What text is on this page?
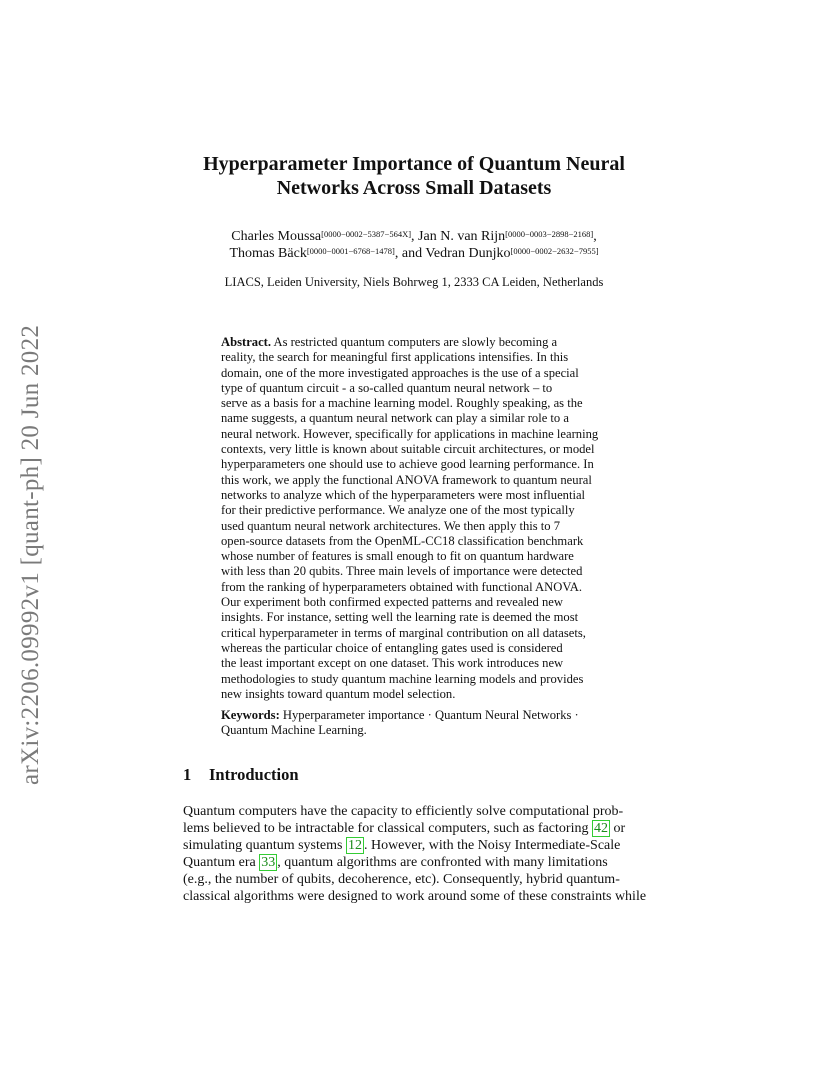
arXiv:2206.09992v1 [quant-ph] 20 Jun 2022
Hyperparameter Importance of Quantum Neural
Networks Across Small Datasets
Charles Moussa[0000−0002−5387−564X], Jan N. van Rijn[0000−0003−2898−2168],
Thomas Bäck[0000−0001−6768−1478], and Vedran Dunjko[0000−0002−2632−7955]
LIACS, Leiden University, Niels Bohrweg 1, 2333 CA Leiden, Netherlands
Abstract. As restricted quantum computers are slowly becoming a
reality, the search for meaningful first applications intensifies. In this
domain, one of the more investigated approaches is the use of a special
type of quantum circuit - a so-called quantum neural network – to
serve as a basis for a machine learning model. Roughly speaking, as the
name suggests, a quantum neural network can play a similar role to a
neural network. However, specifically for applications in machine learning
contexts, very little is known about suitable circuit architectures, or model
hyperparameters one should use to achieve good learning performance. In
this work, we apply the functional ANOVA framework to quantum neural
networks to analyze which of the hyperparameters were most influential
for their predictive performance. We analyze one of the most typically
used quantum neural network architectures. We then apply this to 7
open-source datasets from the OpenML-CC18 classification benchmark
whose number of features is small enough to fit on quantum hardware
with less than 20 qubits. Three main levels of importance were detected
from the ranking of hyperparameters obtained with functional ANOVA.
Our experiment both confirmed expected patterns and revealed new
insights. For instance, setting well the learning rate is deemed the most
critical hyperparameter in terms of marginal contribution on all datasets,
whereas the particular choice of entangling gates used is considered
the least important except on one dataset. This work introduces new
methodologies to study quantum machine learning models and provides
new insights toward quantum model selection.
Keywords: Hyperparameter importance · Quantum Neural Networks ·
Quantum Machine Learning.
1 Introduction
Quantum computers have the capacity to efficiently solve computational prob-
lems believed to be intractable for classical computers, such as factoring 42 or
simulating quantum systems 12 . However, with the Noisy Intermediate-Scale
Quantum era 33 , quantum algorithms are confronted with many limitations
(e.g., the number of qubits, decoherence, etc). Consequently, hybrid quantum-
classical algorithms were designed to work around some of these constraints while
